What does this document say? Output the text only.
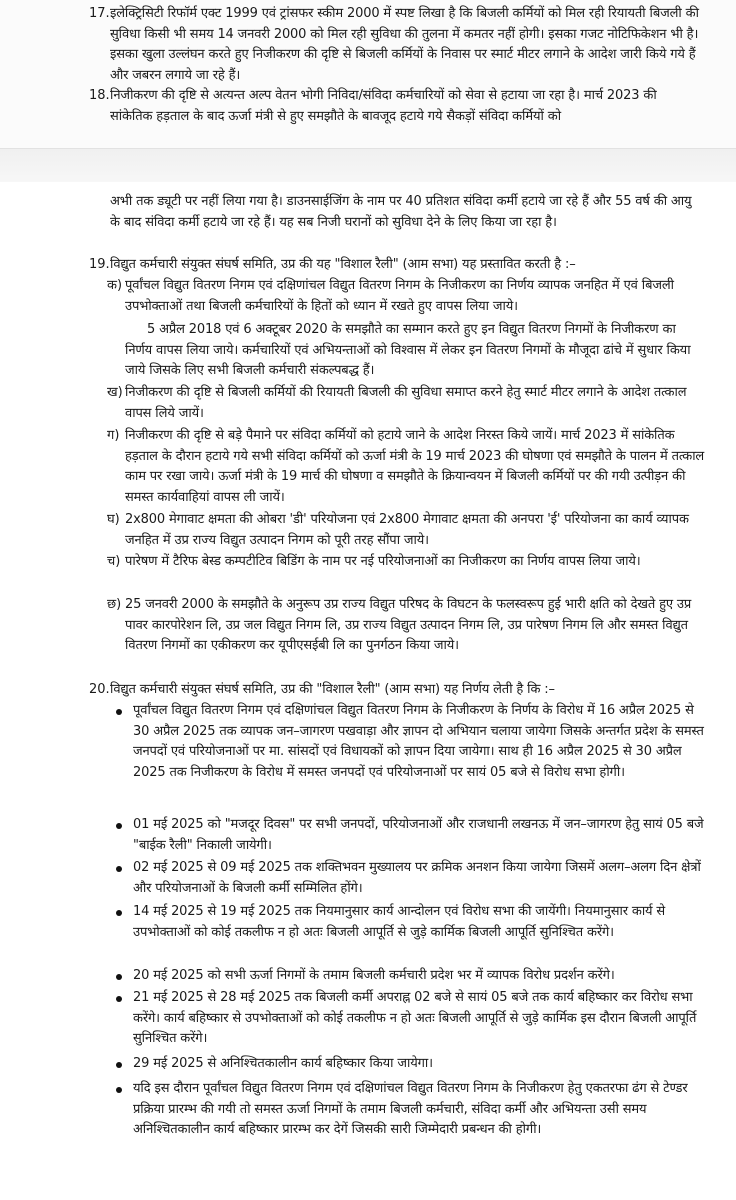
17. इलेक्ट्रिसिटी रिफॉर्म एक्ट 1999 एवं ट्रांसफर स्कीम 2000 में स्पष्ट लिखा है कि बिजली कर्मियों को मिल रही रियायती बिजली की सुविधा किसी भी समय 14 जनवरी 2000 को मिल रही सुविधा की तुलना में कमतर नहीं होगी। इसका गजट नोटिफिकेशन भी है। इसका खुला उल्लंघन करते हुए निजीकरण की दृष्टि से बिजली कर्मियों के निवास पर स्मार्ट मीटर लगाने के आदेश जारी किये गये हैं और जबरन लगाये जा रहे हैं।

18. निजीकरण की दृष्टि से अत्यन्त अल्प वेतन भोगी निविदा/संविदा कर्मचारियों को सेवा से हटाया जा रहा है। मार्च 2023 की सांकेतिक हड़ताल के बाद ऊर्जा मंत्री से हुए समझौते के बावजूद हटाये गये सैकड़ों संविदा कर्मियों को

अभी तक ड्यूटी पर नहीं लिया गया है। डाउनसाईजिंग के नाम पर 40 प्रतिशत संविदा कर्मी हटाये जा रहे हैं और 55 वर्ष की आयु के बाद संविदा कर्मी हटाये जा रहे हैं। यह सब निजी घरानों को सुविधा देने के लिए किया जा रहा है।

19. विद्युत कर्मचारी संयुक्त संघर्ष समिति, उप्र की यह "विशाल रैली" (आम सभा) यह प्रस्तावित करती है :–

क) पूर्वांचल विद्युत वितरण निगम एवं दक्षिणांचल विद्युत वितरण निगम के निजीकरण का निर्णय व्यापक जनहित में एवं बिजली उपभोक्ताओं तथा बिजली कर्मचारियों के हितों को ध्यान में रखते हुए वापस लिया जाये।

5 अप्रैल 2018 एवं 6 अक्टूबर 2020 के समझौते का सम्मान करते हुए इन विद्युत वितरण निगमों के निजीकरण का निर्णय वापस लिया जाये। कर्मचारियों एवं अभियन्ताओं को विश्वास में लेकर इन वितरण निगमों के मौजूदा ढांचे में सुधार किया जाये जिसके लिए सभी बिजली कर्मचारी संकल्पबद्ध हैं।

ख) निजीकरण की दृष्टि से बिजली कर्मियों की रियायती बिजली की सुविधा समाप्त करने हेतु स्मार्ट मीटर लगाने के आदेश तत्काल वापस लिये जायें।

ग) निजीकरण की दृष्टि से बड़े पैमाने पर संविदा कर्मियों को हटाये जाने के आदेश निरस्त किये जायें। मार्च 2023 में सांकेतिक हड़ताल के दौरान हटाये गये सभी संविदा कर्मियों को ऊर्जा मंत्री के 19 मार्च 2023 की घोषणा एवं समझौते के पालन में तत्काल काम पर रखा जाये। ऊर्जा मंत्री के 19 मार्च की घोषणा व समझौते के क्रियान्वयन में बिजली कर्मियों पर की गयी उत्पीड़न की समस्त कार्यवाहियां वापस ली जायें।

घ) 2x800 मेगावाट क्षमता की ओबरा 'डी' परियोजना एवं 2x800 मेगावाट क्षमता की अनपरा 'ई' परियोजना का कार्य व्यापक जनहित में उप्र राज्य विद्युत उत्पादन निगम को पूरी तरह सौंपा जाये।

च) पारेषण में टैरिफ बेस्ड कम्पटीटिव बिडिंग के नाम पर नई परियोजनाओं का निजीकरण का निर्णय वापस लिया जाये।

छ) 25 जनवरी 2000 के समझौते के अनुरूप उप्र राज्य विद्युत परिषद के विघटन के फलस्वरूप हुई भारी क्षति को देखते हुए उप्र पावर कारपोरेशन लि, उप्र जल विद्युत निगम लि, उप्र राज्य विद्युत उत्पादन निगम लि, उप्र पारेषण निगम लि और समस्त विद्युत वितरण निगमों का एकीकरण कर यूपीएसईबी लि का पुनर्गठन किया जाये।

20. विद्युत कर्मचारी संयुक्त संघर्ष समिति, उप्र की "विशाल रैली" (आम सभा) यह निर्णय लेती है कि :–

पूर्वांचल विद्युत वितरण निगम एवं दक्षिणांचल विद्युत वितरण निगम के निजीकरण के निर्णय के विरोध में 16 अप्रैल 2025 से 30 अप्रैल 2025 तक व्यापक जन–जागरण पखवाड़ा और ज्ञापन दो अभियान चलाया जायेगा जिसके अन्तर्गत प्रदेश के समस्त जनपदों एवं परियोजनाओं पर मा. सांसदों एवं विधायकों को ज्ञापन दिया जायेगा। साथ ही 16 अप्रैल 2025 से 30 अप्रैल 2025 तक निजीकरण के विरोध में समस्त जनपदों एवं परियोजनाओं पर सायं 05 बजे से विरोध सभा होगी।

01 मई 2025 को "मजदूर दिवस" पर सभी जनपदों, परियोजनाओं और राजधानी लखनऊ में जन–जागरण हेतु सायं 05 बजे "बाईक रैली" निकाली जायेगी।

02 मई 2025 से 09 मई 2025 तक शक्तिभवन मुख्यालय पर क्रमिक अनशन किया जायेगा जिसमें अलग–अलग दिन क्षेत्रों और परियोजनाओं के बिजली कर्मी सम्मिलित होंगे।

14 मई 2025 से 19 मई 2025 तक नियमानुसार कार्य आन्दोलन एवं विरोध सभा की जायेंगी। नियमानुसार कार्य से उपभोक्ताओं को कोई तकलीफ न हो अतः बिजली आपूर्ति से जुड़े कार्मिक बिजली आपूर्ति सुनिश्चित करेंगे।

20 मई 2025 को सभी ऊर्जा निगमों के तमाम बिजली कर्मचारी प्रदेश भर में व्यापक विरोध प्रदर्शन करेंगे।

21 मई 2025 से 28 मई 2025 तक बिजली कर्मी अपराह्न 02 बजे से सायं 05 बजे तक कार्य बहिष्कार कर विरोध सभा करेंगे। कार्य बहिष्कार से उपभोक्ताओं को कोई तकलीफ न हो अतः बिजली आपूर्ति से जुड़े कार्मिक इस दौरान बिजली आपूर्ति सुनिश्चित करेंगे।

29 मई 2025 से अनिश्चितकालीन कार्य बहिष्कार किया जायेगा।

यदि इस दौरान पूर्वांचल विद्युत वितरण निगम एवं दक्षिणांचल विद्युत वितरण निगम के निजीकरण हेतु एकतरफा ढंग से टेण्डर प्रक्रिया प्रारम्भ की गयी तो समस्त ऊर्जा निगमों के तमाम बिजली कर्मचारी, संविदा कर्मी और अभियन्ता उसी समय अनिश्चितकालीन कार्य बहिष्कार प्रारम्भ कर देगें जिसकी सारी जिम्मेदारी प्रबन्धन की होगी।
